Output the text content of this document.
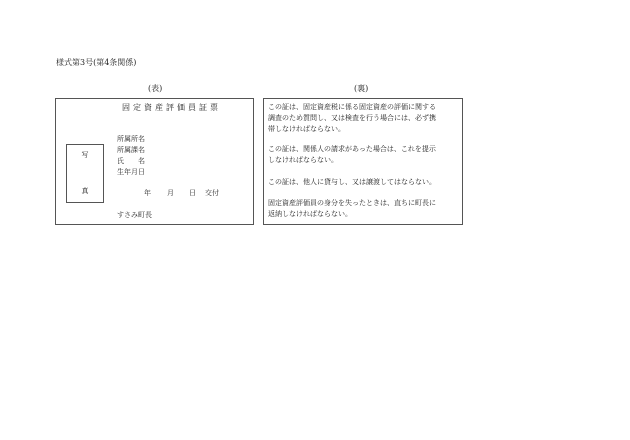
様式第3号(第4条関係)
(表)	(裏)
固定資産評価員証票
写
真
所属所名
所属課名
氏　　名
生年月日
年 月 日 交付
すさみ町長
この証は、固定資産税に係る固定資産の評価に関する
調査のため質問し、又は検査を行う場合には、必ず携
帯しなければならない。
この証は、関係人の請求があった場合は、これを提示
しなければならない。
この証は、他人に貸与し、又は譲渡してはならない。
固定資産評価員の身分を失ったときは、直ちに町長に
返納しなければならない。
